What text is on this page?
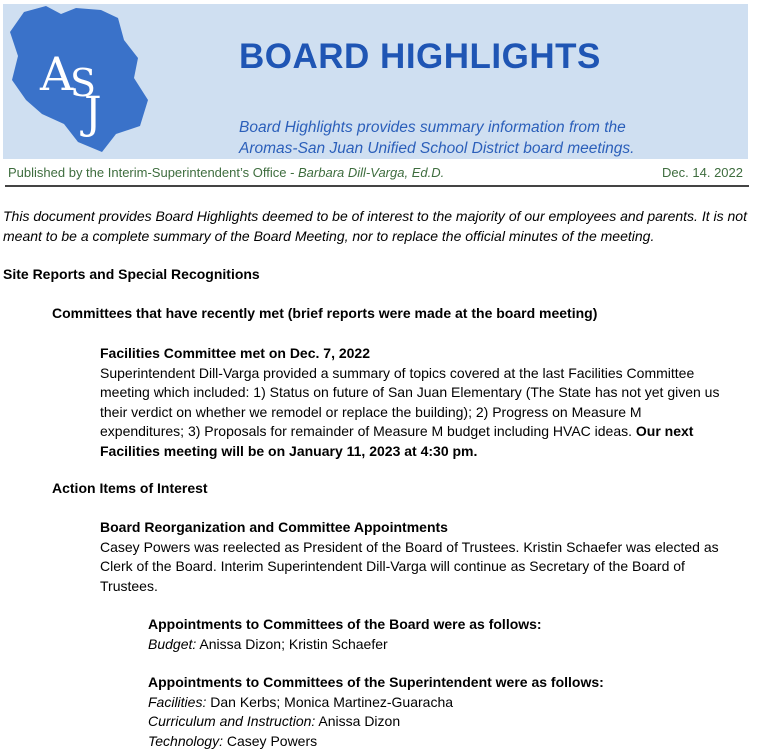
A
S
J
BOARD HIGHLIGHTS
Board Highlights provides summary information from the
Aromas-San Juan Unified School District board meetings.
Published by the Interim-Superintendent’s Office - Barbara Dill-Varga, Ed.D.	Dec. 14. 2022
This document provides Board Highlights deemed to be of interest to the majority of our employees and parents. It is not meant to be a complete summary of the Board Meeting, nor to replace the official minutes of the meeting.
Site Reports and Special Recognitions
Committees that have recently met (brief reports were made at the board meeting)
Facilities Committee met on Dec. 7, 2022
Superintendent Dill-Varga provided a summary of topics covered at the last Facilities Committee
meeting which included: 1) Status on future of San Juan Elementary (The State has not yet given us
their verdict on whether we remodel or replace the building); 2) Progress on Measure M
expenditures; 3) Proposals for remainder of Measure M budget including HVAC ideas. Our next
Facilities meeting will be on January 11, 2023 at 4:30 pm.
Action Items of Interest
Board Reorganization and Committee Appointments
Casey Powers was reelected as President of the Board of Trustees. Kristin Schaefer was elected as
Clerk of the Board. Interim Superintendent Dill-Varga will continue as Secretary of the Board of
Trustees.
Appointments to Committees of the Board were as follows:
Budget: Anissa Dizon; Kristin Schaefer
Appointments to Committees of the Superintendent were as follows:
Facilities: Dan Kerbs; Monica Martinez-Guaracha
Curriculum and Instruction: Anissa Dizon
Technology: Casey Powers
